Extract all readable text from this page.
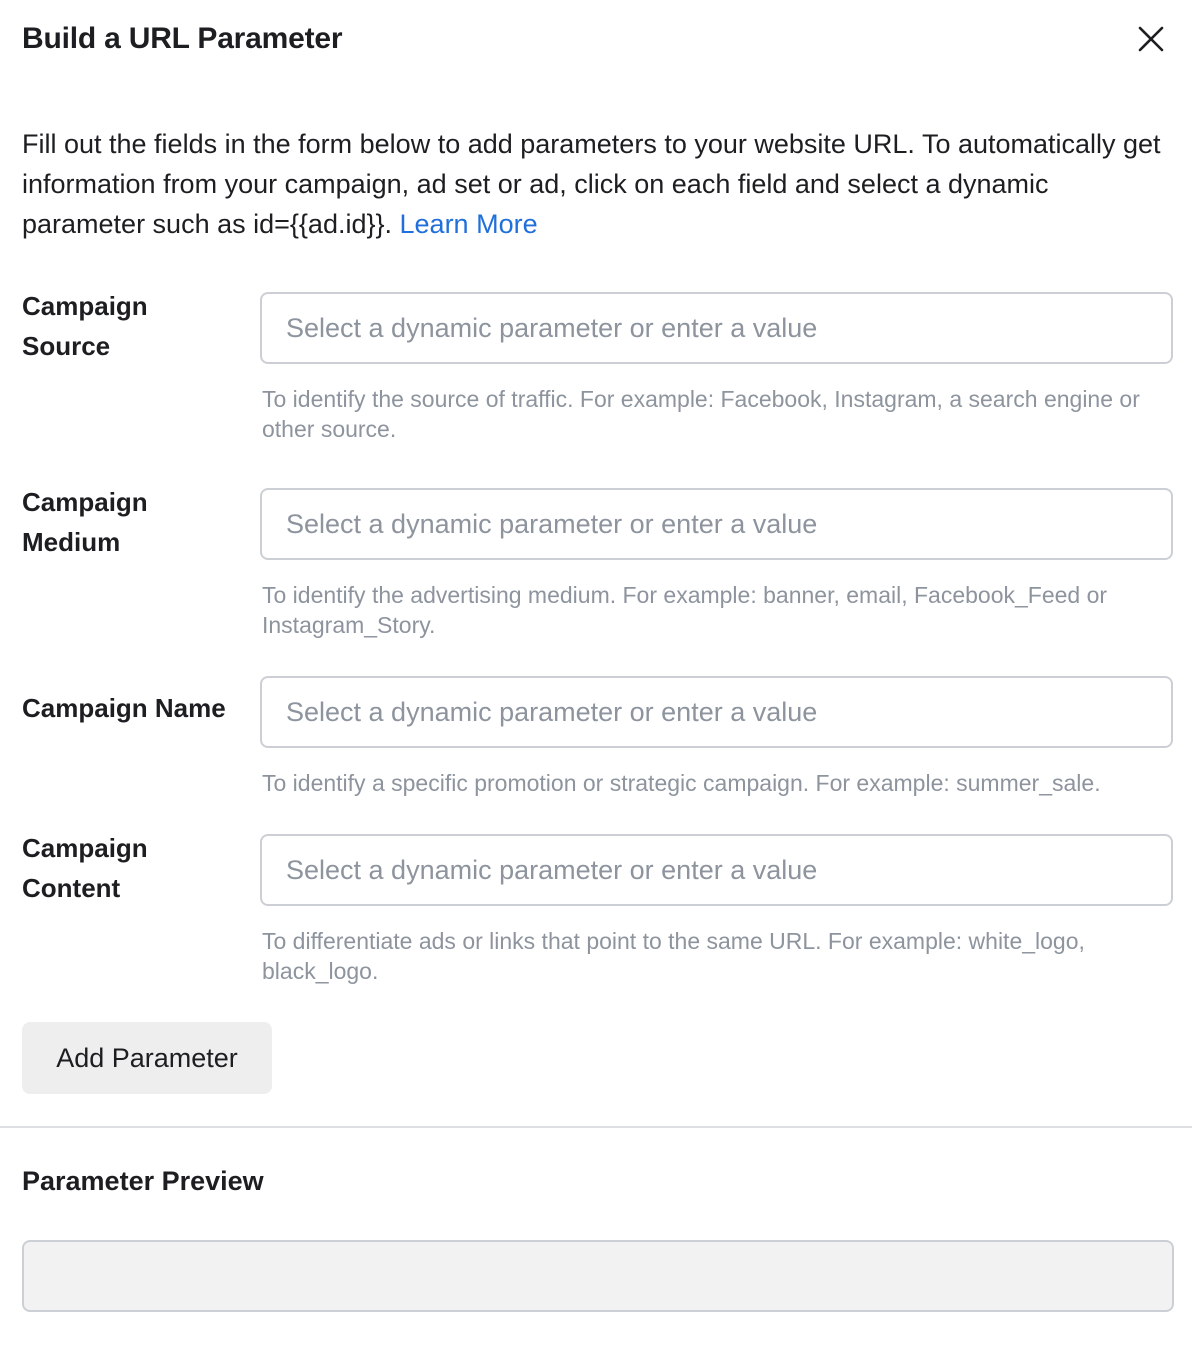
Build a URL Parameter

Fill out the fields in the form below to add parameters to your website URL. To automatically get information from your campaign, ad set or ad, click on each field and select a dynamic parameter such as id={{ad.id}}. Learn More

Campaign Source
Select a dynamic parameter or enter a value
To identify the source of traffic. For example: Facebook, Instagram, a search engine or other source.
Campaign Medium
Select a dynamic parameter or enter a value
To identify the advertising medium. For example: banner, email, Facebook_Feed or Instagram_Story.
Campaign Name
Select a dynamic parameter or enter a value
To identify a specific promotion or strategic campaign. For example: summer_sale.
Campaign Content
Select a dynamic parameter or enter a value
To differentiate ads or links that point to the same URL. For example: white_logo, black_logo.
Add Parameter
Parameter Preview
